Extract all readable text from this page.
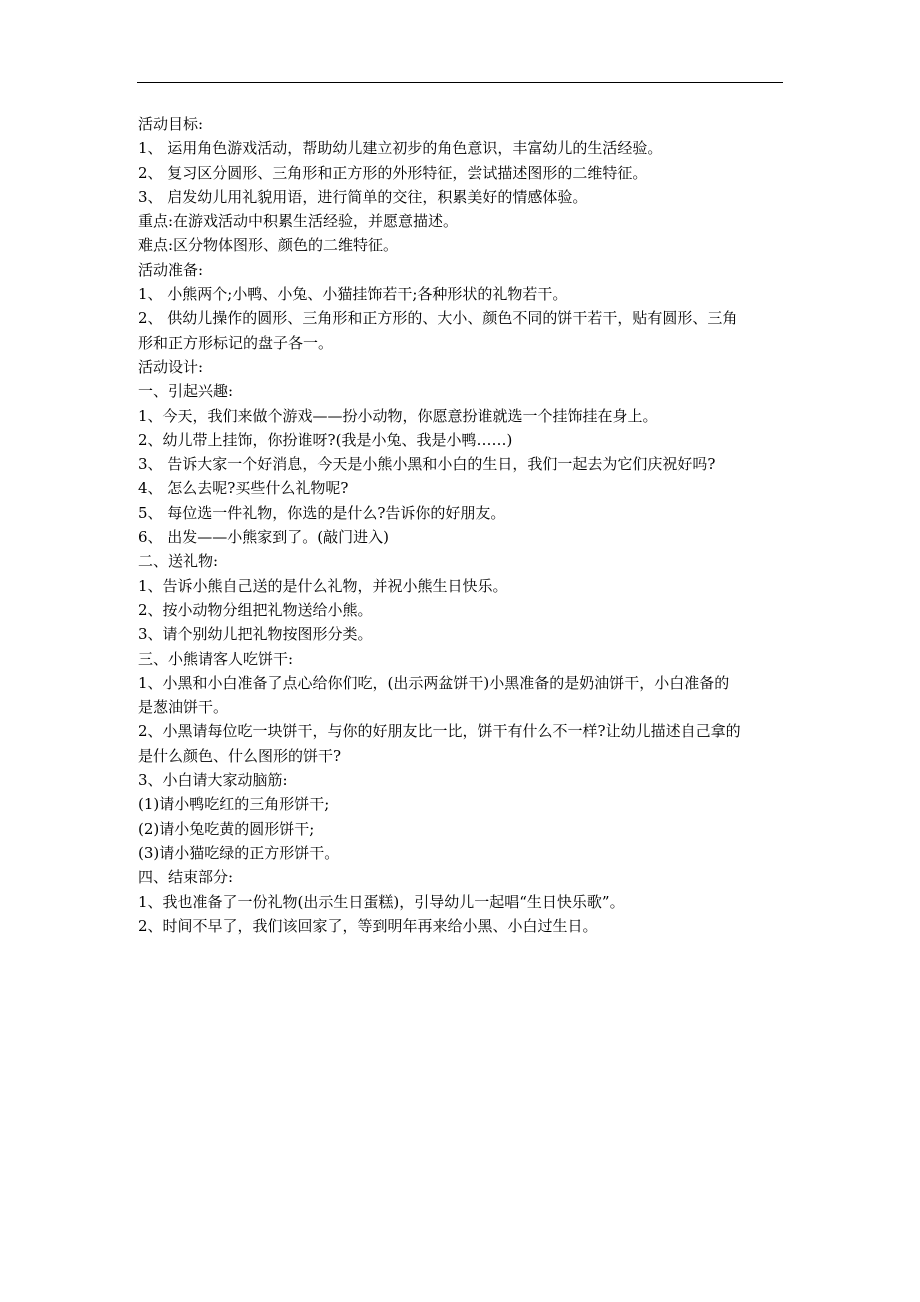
活动目标:
1、 运用角色游戏活动，帮助幼儿建立初步的角色意识，丰富幼儿的生活经验。
2、 复习区分圆形、三角形和正方形的外形特征，尝试描述图形的二维特征。
3、 启发幼儿用礼貌用语，进行简单的交往，积累美好的情感体验。
重点:在游戏活动中积累生活经验，并愿意描述。
难点:区分物体图形、颜色的二维特征。
活动准备:
1、 小熊两个;小鸭、小兔、小猫挂饰若干;各种形状的礼物若干。
2、 供幼儿操作的圆形、三角形和正方形的、大小、颜色不同的饼干若干，贴有圆形、三角
形和正方形标记的盘子各一。
活动设计:
一、引起兴趣:
1、今天，我们来做个游戏——扮小动物，你愿意扮谁就选一个挂饰挂在身上。
2、幼儿带上挂饰，你扮谁呀?(我是小兔、我是小鸭……)
3、 告诉大家一个好消息，今天是小熊小黑和小白的生日，我们一起去为它们庆祝好吗?
4、 怎么去呢?买些什么礼物呢?
5、 每位选一件礼物，你选的是什么?告诉你的好朋友。
6、 出发——小熊家到了。(敲门进入)
二、送礼物:
1、告诉小熊自己送的是什么礼物，并祝小熊生日快乐。
2、按小动物分组把礼物送给小熊。
3、请个别幼儿把礼物按图形分类。
三、小熊请客人吃饼干:
1、小黑和小白准备了点心给你们吃，(出示两盆饼干)小黑准备的是奶油饼干，小白准备的
是葱油饼干。
2、小黑请每位吃一块饼干，与你的好朋友比一比，饼干有什么不一样?让幼儿描述自己拿的
是什么颜色、什么图形的饼干?
3、小白请大家动脑筋:
(1)请小鸭吃红的三角形饼干;
(2)请小兔吃黄的圆形饼干;
(3)请小猫吃绿的正方形饼干。
四、结束部分:
1、我也准备了一份礼物(出示生日蛋糕)，引导幼儿一起唱“生日快乐歌”。
2、时间不早了，我们该回家了，等到明年再来给小黑、小白过生日。
